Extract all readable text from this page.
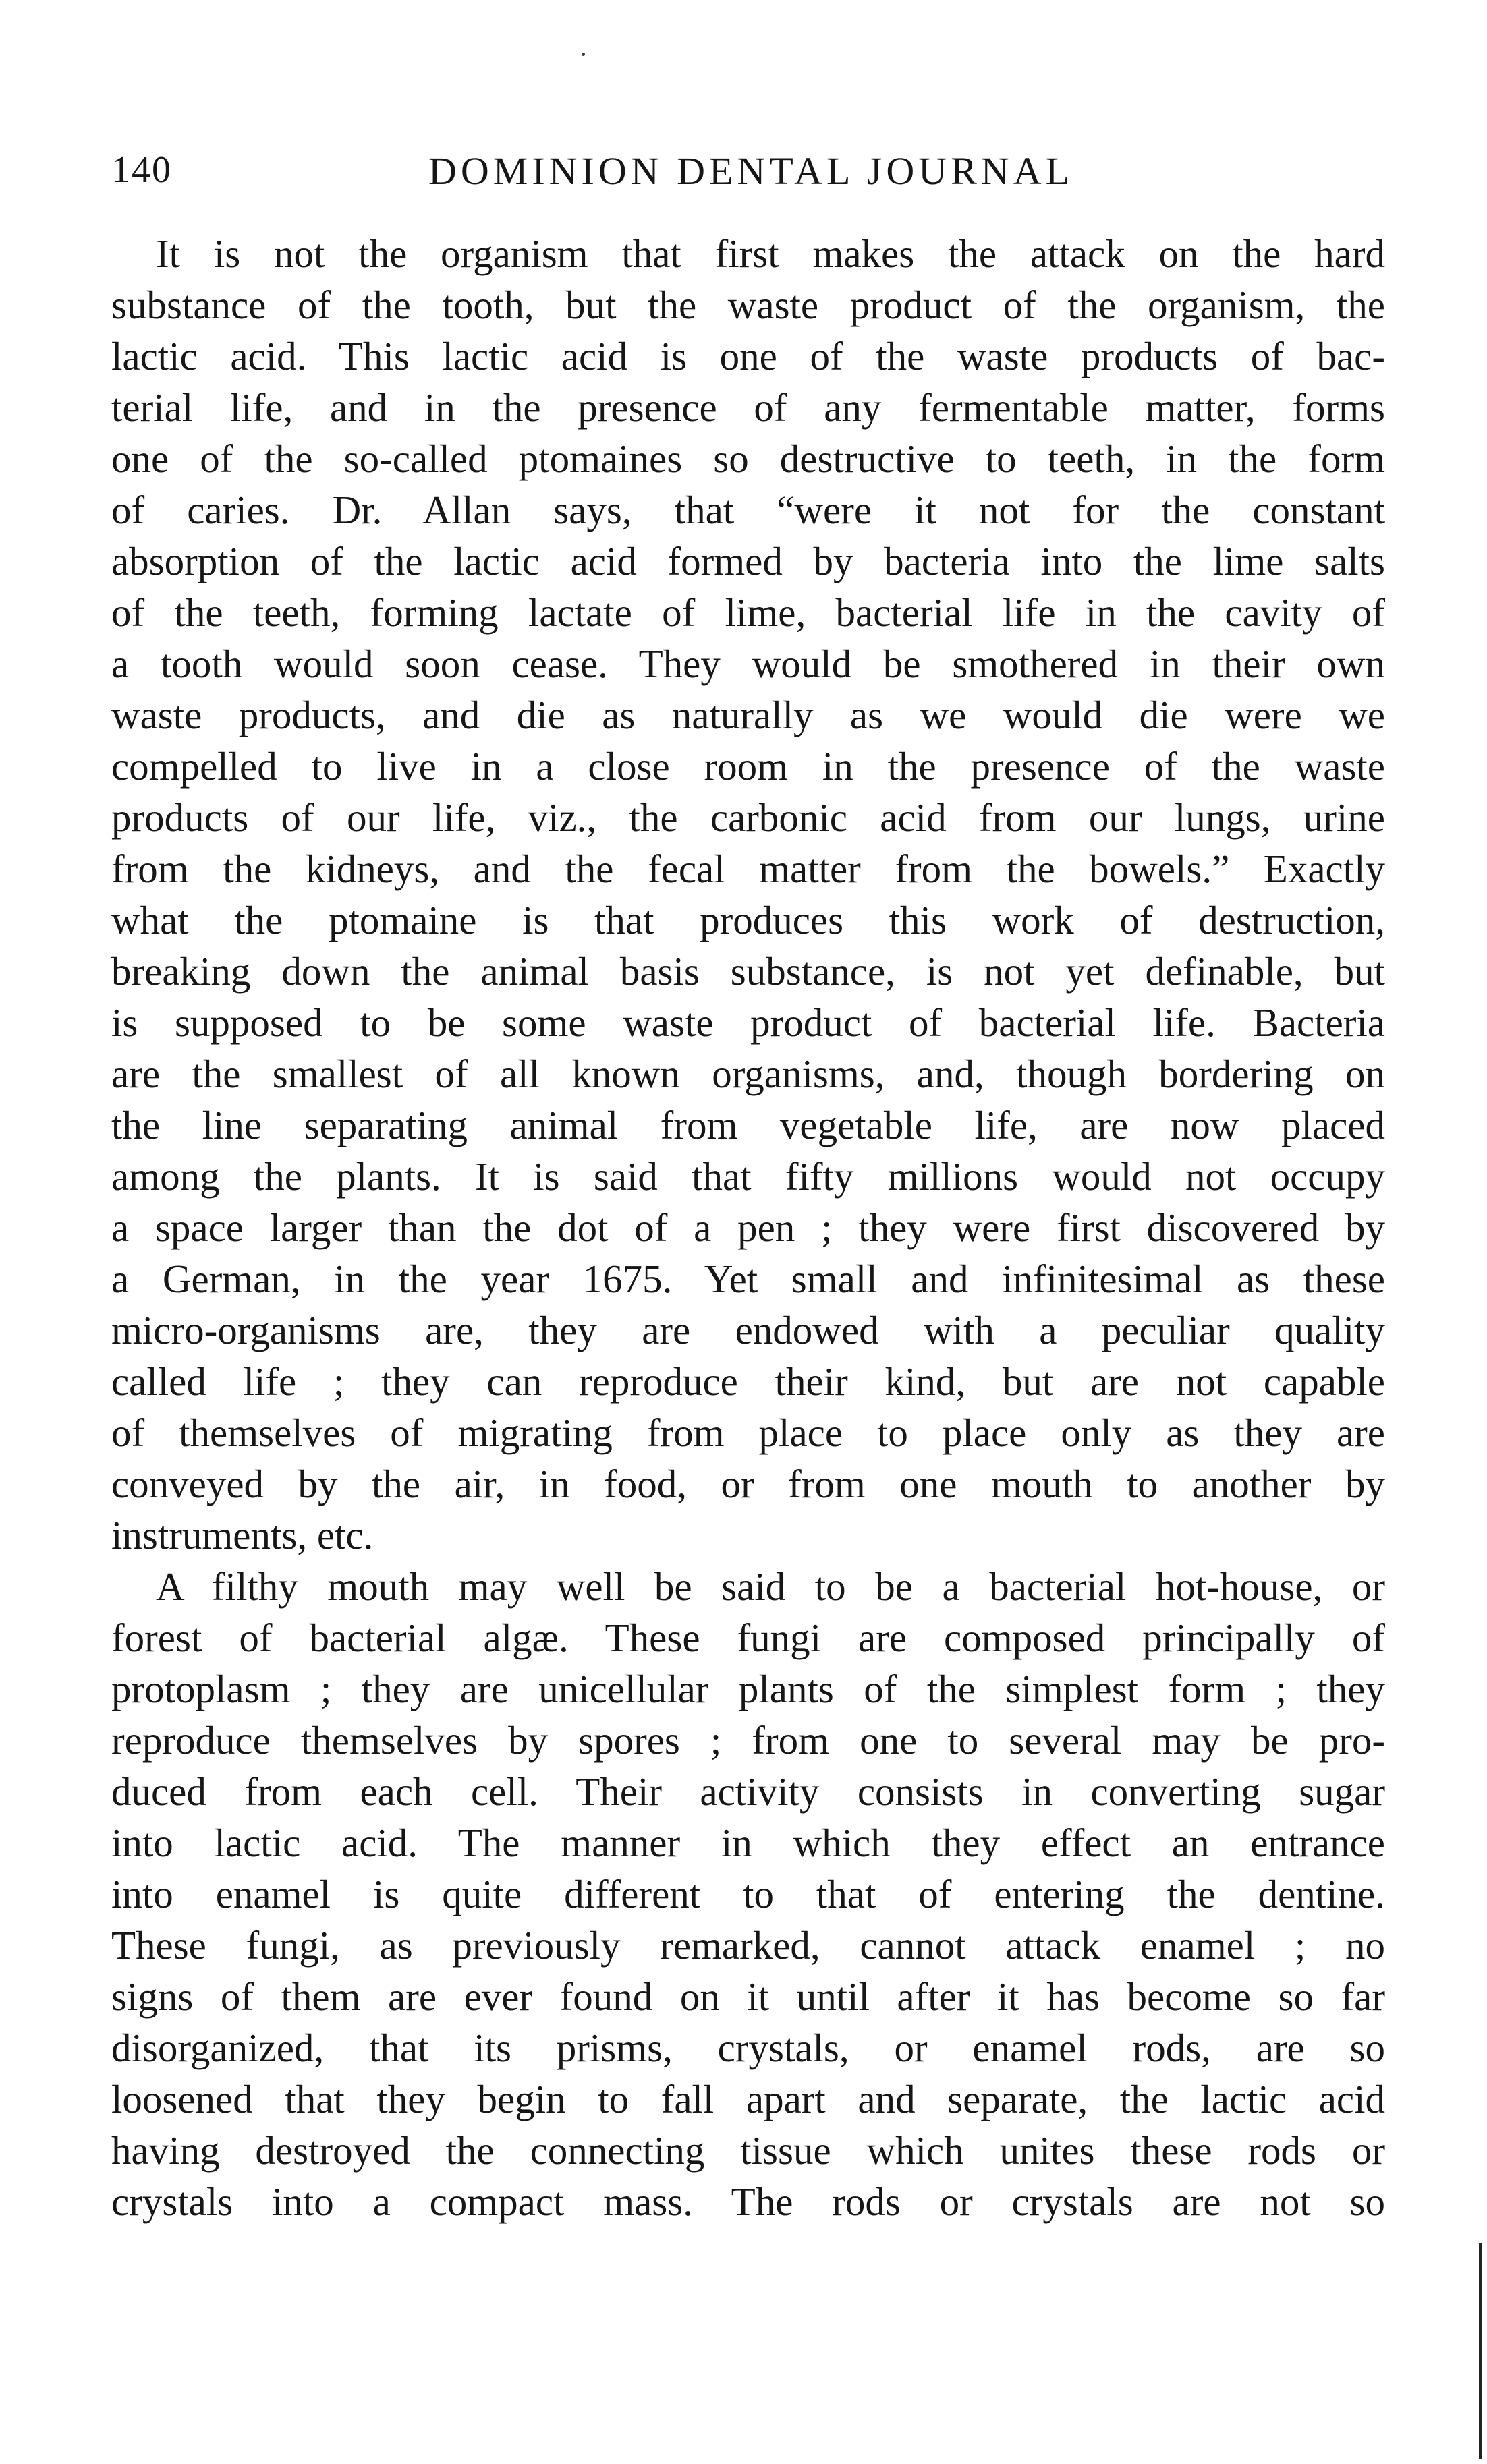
140	DOMINION DENTAL JOURNAL

It is not the organism that first makes the attack on the hard
substance of the tooth, but the waste product of the organism, the
lactic acid. This lactic acid is one of the waste products of bac-
terial life, and in the presence of any fermentable matter, forms
one of the so-called ptomaines so destructive to teeth, in the form
of caries. Dr. Allan says, that “were it not for the constant
absorption of the lactic acid formed by bacteria into the lime salts
of the teeth, forming lactate of lime, bacterial life in the cavity of
a tooth would soon cease. They would be smothered in their own
waste products, and die as naturally as we would die were we
compelled to live in a close room in the presence of the waste
products of our life, viz., the carbonic acid from our lungs, urine
from the kidneys, and the fecal matter from the bowels.” Exactly
what the ptomaine is that produces this work of destruction,
breaking down the animal basis substance, is not yet definable, but
is supposed to be some waste product of bacterial life. Bacteria
are the smallest of all known organisms, and, though bordering on
the line separating animal from vegetable life, are now placed
among the plants. It is said that fifty millions would not occupy
a space larger than the dot of a pen ; they were first discovered by
a German, in the year 1675. Yet small and infinitesimal as these
micro-organisms are, they are endowed with a peculiar quality
called life ; they can reproduce their kind, but are not capable
of themselves of migrating from place to place only as they are
conveyed by the air, in food, or from one mouth to another by
instruments, etc.

A filthy mouth may well be said to be a bacterial hot-house, or
forest of bacterial algæ. These fungi are composed principally of
protoplasm ; they are unicellular plants of the simplest form ; they
reproduce themselves by spores ; from one to several may be pro-
duced from each cell. Their activity consists in converting sugar
into lactic acid. The manner in which they effect an entrance
into enamel is quite different to that of entering the dentine.
These fungi, as previously remarked, cannot attack enamel ; no
signs of them are ever found on it until after it has become so far
disorganized, that its prisms, crystals, or enamel rods, are so
loosened that they begin to fall apart and separate, the lactic acid
having destroyed the connecting tissue which unites these rods or
crystals into a compact mass. The rods or crystals are not so
